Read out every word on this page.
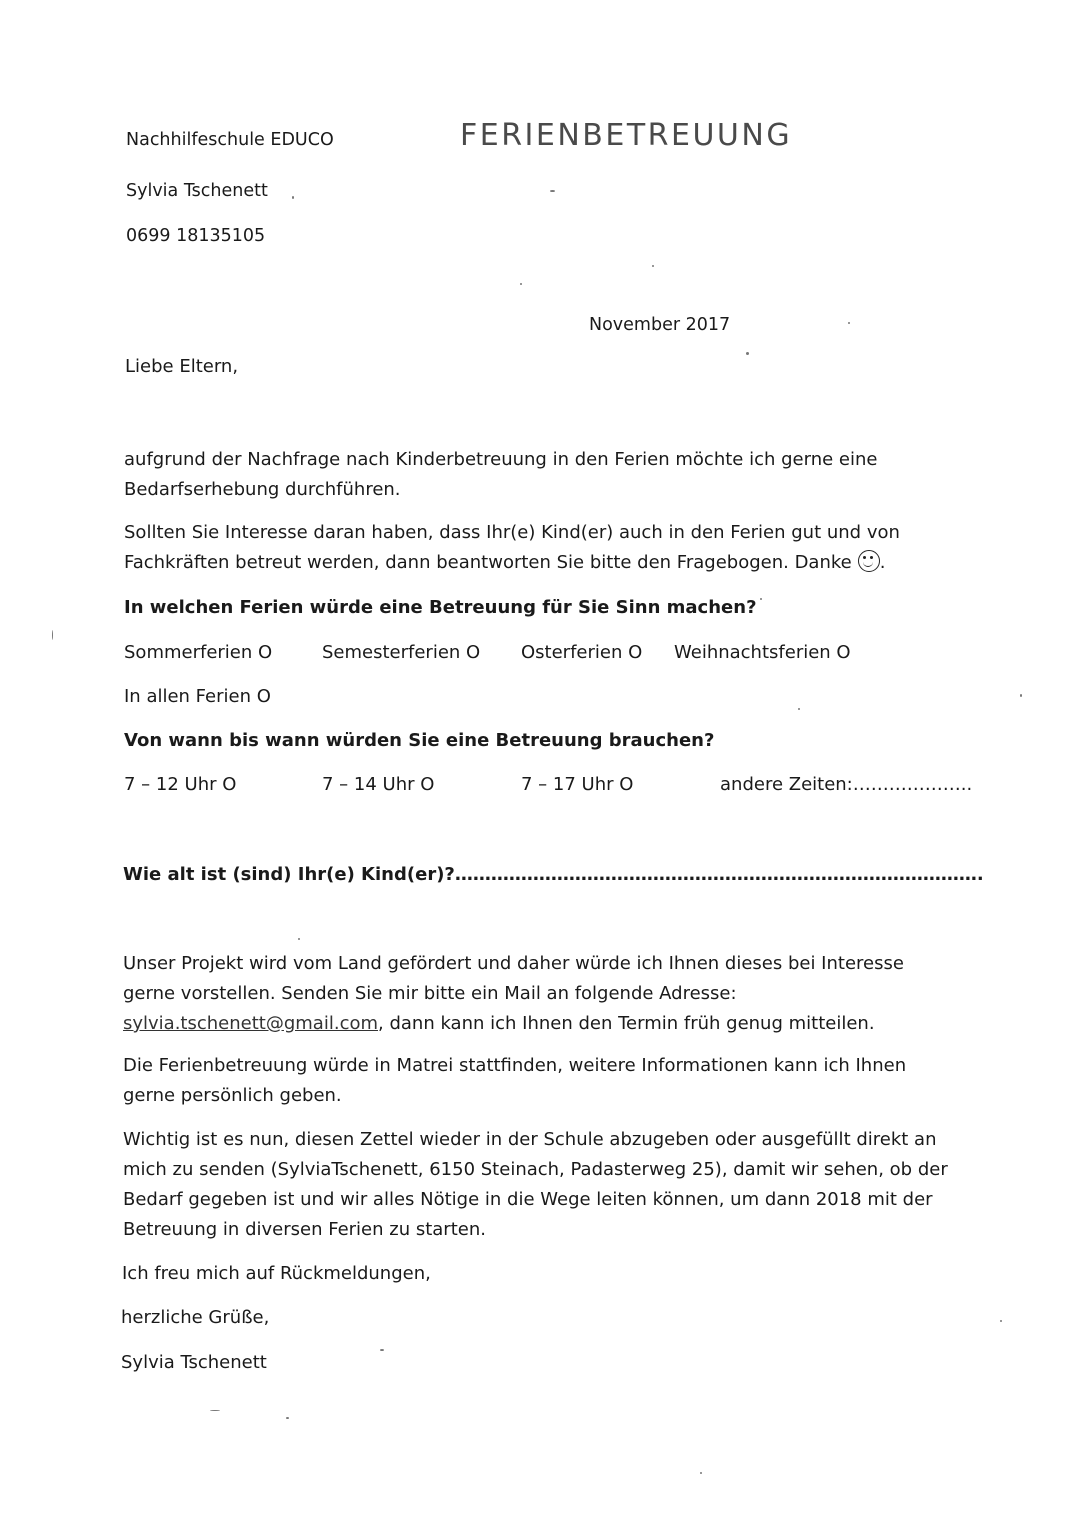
Nachhilfeschule EDUCO	FERIENBETREUUNG
Sylvia Tschenett
0699 18135105
November 2017
Liebe Eltern,
aufgrund der Nachfrage nach Kinderbetreuung in den Ferien möchte ich gerne eine
Bedarfserhebung durchführen.
Sollten Sie Interesse daran haben, dass Ihr(e) Kind(er) auch in den Ferien gut und von
Fachkräften betreut werden, dann beantworten Sie bitte den Fragebogen. Danke .
In welchen Ferien würde eine Betreuung für Sie Sinn machen?
Sommerferien O	Semesterferien O Osterferien O Weihnachtsferien O
In allen Ferien O
Von wann bis wann würden Sie eine Betreuung brauchen?
7 – 12 Uhr O	7 – 14 Uhr O	7 – 17 Uhr O	andere Zeiten:………………..
Wie alt ist (sind) Ihr(e) Kind(er)?…………………………………………………………………………….
Unser Projekt wird vom Land gefördert und daher würde ich Ihnen dieses bei Interesse
gerne vorstellen. Senden Sie mir bitte ein Mail an folgende Adresse:
sylvia.tschenett@gmail.com, dann kann ich Ihnen den Termin früh genug mitteilen.
Die Ferienbetreuung würde in Matrei stattfinden, weitere Informationen kann ich Ihnen
gerne persönlich geben.
Wichtig ist es nun, diesen Zettel wieder in der Schule abzugeben oder ausgefüllt direkt an
mich zu senden (SylviaTschenett, 6150 Steinach, Padasterweg 25), damit wir sehen, ob der
Bedarf gegeben ist und wir alles Nötige in die Wege leiten können, um dann 2018 mit der
Betreuung in diversen Ferien zu starten.
Ich freu mich auf Rückmeldungen,
herzliche Grüße,
Sylvia Tschenett
